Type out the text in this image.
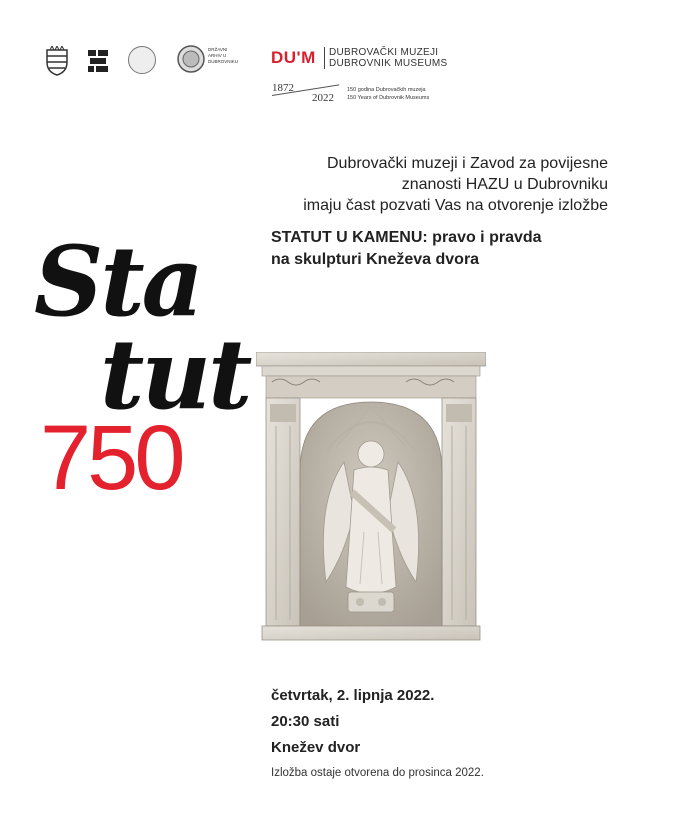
DRŽAVNI ARHIV U DUBROVNIKU DU'M DUBROVAČKI MUZEJI
DUBROVNIK MUSEUMS
1872
2022
150 godina Dubrovačkih muzeja
150 Years of Dubrovnik Museums
Dubrovački muzeji i Zavod za povijesne
znanosti HAZU u Dubrovniku
imaju čast pozvati Vas na otvorenje izložbe
STATUT U KAMENU: pravo i pravda
na skulpturi Kneževa dvora
Sta
tut
750
četvrtak, 2. lipnja 2022.
20:30 sati
Knežev dvor
Izložba ostaje otvorena do prosinca 2022.
